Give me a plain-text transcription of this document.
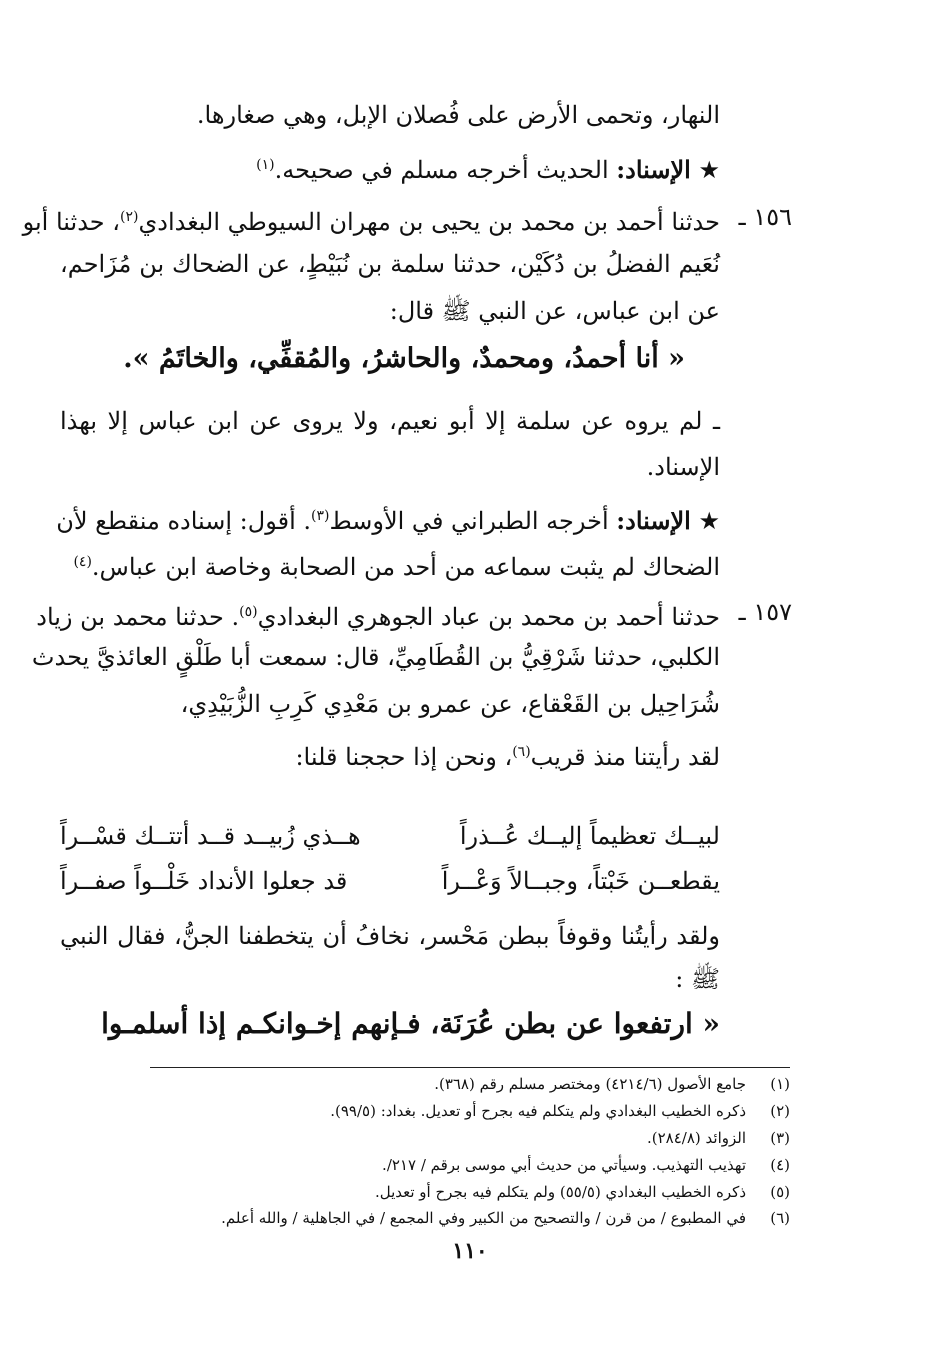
النهار، وتحمى الأرض على فُصلان الإبل، وهي صغارها.
★ الإسناد: الحديث أخرجه مسلم في صحيحه.$^{(١)}$
١٥٦ ـ
حدثنا أحمد بن محمد بن يحيى بن مهران السيوطي البغدادي$^{(٢)}$، حدثنا أبو
نُعَيم الفضلُ بن دُكَيْن، حدثنا سلمة بن نُبَيْطٍ، عن الضحاك بن مُزَاحم،
عن ابن عباس، عن النبي ﷺ قال:
« أنا أحمدُ، ومحمدٌ، والحاشرُ، والمُقفِّي، والخاتَمُ ».
ـ لم يروه عن سلمة إلا أبو نعيم، ولا يروى عن ابن عباس إلا بهذا
الإسناد.
★ الإسناد: أخرجه الطبراني في الأوسط$^{(٣)}$. أقول: إسناده منقطع لأن
الضحاك لم يثبت سماعه من أحد من الصحابة وخاصة ابن عباس.$^{(٤)}$
١٥٧ ـ
حدثنا أحمد بن محمد بن عباد الجوهري البغدادي$^{(٥)}$. حدثنا محمد بن زياد
الكلبي، حدثنا شَرْقِيُّ بن القُطَامِيِّ، قال: سمعت أبا طَلْقٍ العائذيَّ يحدث
شُرَاحِيل بن القَعْقاع، عن عمرو بن مَعْدِي كَرِبِ الزُّبَيْدِي،
لقد رأيتنا منذ قريب$^{(٦)}$، ونحن إذا حججنا قلنا:
لبيــك تعظيماً إليــك عُــذراً
هــذي زُبيــد قــد أتتــك قسْــراً
يقطعــن خَبْتاً، وجبــالاً وَعْــراً
قد جعلوا الأنداد خَلْــواً صفــراً
ولقد رأيتُنا وقوفاً ببطن مَحْسر، نخافُ أن يتخطفنا الجنُّ، فقال النبي
ﷺ :
« ارتفعوا عن بطن عُرَنَة، فـإنهم إخـوانكـم إذا أسلمـوا
(١)جامع الأصول (٤٢١٤/٦) ومختصر مسلم رقم (٣٦٨).
(٢)ذكره الخطيب البغدادي ولم يتكلم فيه بجرح أو تعديل. بغداد: (٩٩/٥).
(٣)الزوائد (٢٨٤/٨).
(٤)تهذيب التهذيب. وسيأتي من حديث أبي موسى برقم / ٢١٧/.
(٥)ذكره الخطيب البغدادي (٥٥/٥) ولم يتكلم فيه بجرح أو تعديل.
(٦)في المطبوع / من قرن / والتصحيح من الكبير وفي المجمع / في الجاهلية / والله أعلم.
١١٠
